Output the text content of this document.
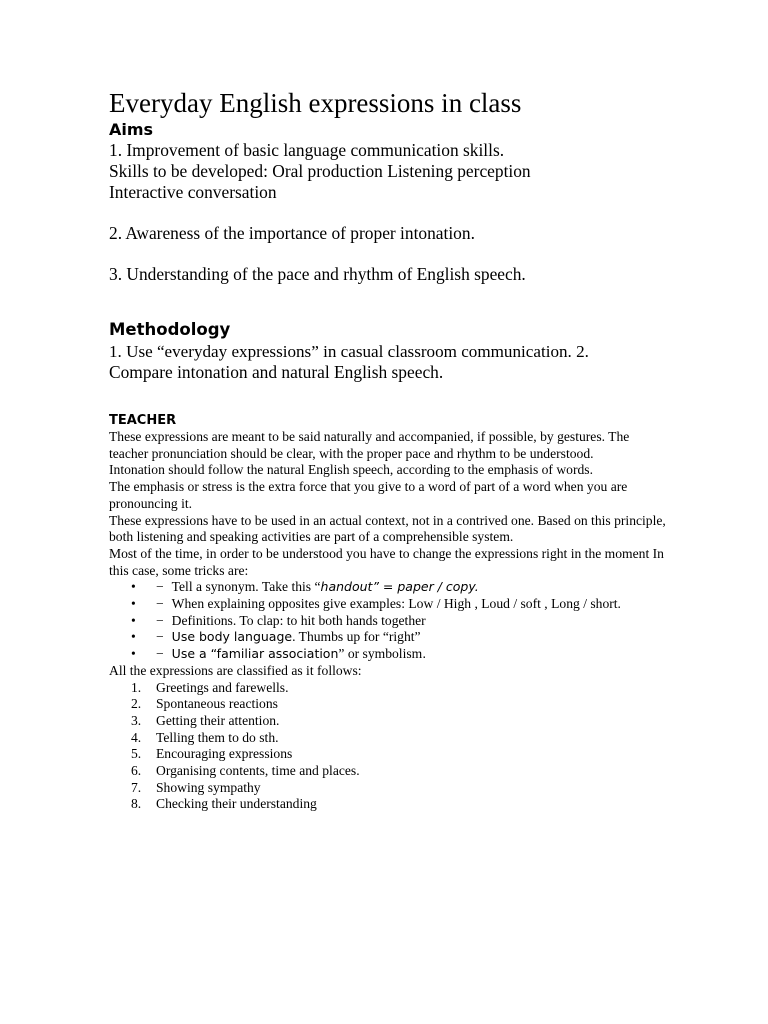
Everyday English expressions in class
Aims

1. Improvement of basic language communication skills.

Skills to be developed: Oral production Listening perception Interactive conversation

2. Awareness of the importance of proper intonation.

3. Understanding of the pace and rhythm of English speech.

Methodology

1. Use “everyday expressions” in casual classroom communication. 2.

Compare intonation and natural English speech.

TEACHER

These expressions are meant to be said naturally and accompanied, if possible, by gestures. The teacher pronunciation should be clear, with the proper pace and rhythm to be understood.

Intonation should follow the natural English speech, according to the emphasis of words.

The emphasis or stress is the extra force that you give to a word of part of a word when you are pronouncing it.

These expressions have to be used in an actual context, not in a contrived one. Based on this principle, both listening and speaking activities are part of a comprehensible system.

Most of the time, in order to be understood you have to change the expressions right in the moment In this case, some tricks are:

• − Tell a synonym. Take this “handout” = paper / copy.
• − When explaining opposites give examples: Low / High , Loud / soft , Long / short.
• − Definitions. To clap: to hit both hands together
• − Use body language. Thumbs up for “right”
• − Use a “familiar association” or symbolism.

All the expressions are classified as it follows:

1. Greetings and farewells.
2. Spontaneous reactions
3. Getting their attention.
4. Telling them to do sth.
5. Encouraging expressions
6. Organising contents, time and places.
7. Showing sympathy
8. Checking their understanding
